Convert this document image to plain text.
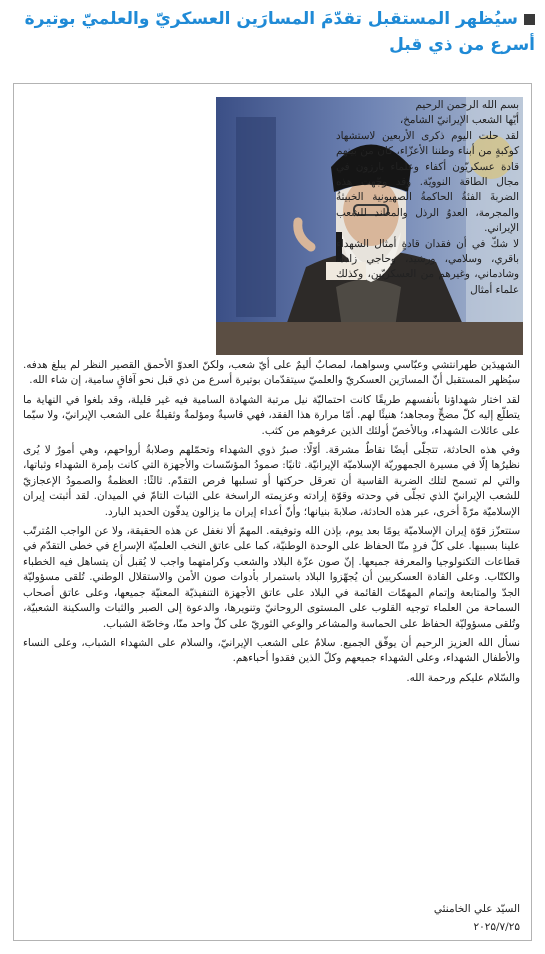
سيُظهر المستقبل تقدّمَ المسارَين العسكريّ والعلميّ بوتيرة أسرع من ذي قبل

بسم الله الرحمن الرحيم

أيّها الشعب الإيرانيّ الشامخ،

لقد حلت اليوم ذكرى الأربعين لاستشهاد كوكبةٍ من أبناء وطننا الأعزّاء، كان من بينهم قادة عسكريّون أكفاء وعلماء بارزون في مجال الطاقة النوويّة. وقد وجّهت هذه الضربةَ الفئةُ الحاكمةُ الصهيونية الخبيثةُ والمجرمة، العدوُ الرذل والمعاند للشعب الإيراني.

لا شكّ في أن فقدان قادةٍ أمثال الشهداء باقري، وسلامي، ورشيد، وحاجي زاده، وشادماني، وغيرهم من العسكريّين، وكذلك علماء أمثال

الشهيدَين طهرانتشي وعبّاسي وسواهما، لمصابٌ أليمٌ على أيّ شعب، ولكنّ العدوّ الأحمق القصير النظر لم يبلغ هدفه. سيُظهر المستقبل أنّ المسارَين العسكريّ والعلميّ سيتقدّمان بوتيرة أسرع من ذي قبل نحو آفاقٍ سامية، إن شاء الله.

لقد اختار شهداؤنا بأنفسهم طريقًا كانت احتماليّة نيل مرتبة الشهادة السامية فيه غير قليلة، وقد بلغوا في النهاية ما يتطلّع إليه كلّ مضحٍّ ومجاهد؛ هنيئًا لهم. أمّا مرارة هذا الفقد، فهي قاسيةٌ ومؤلمةٌ وثقيلةٌ على الشعب الإيرانيّ، ولا سيّما على عائلات الشهداء، وبالأخصّ أولئك الذين عرفوهم من كثب.

وفي هذه الحادثة، تتجلّى أيضًا نقاطٌ مشرقة. أوّلًا: صبرُ ذوي الشهداء وتحمّلهم وصلابةُ أرواحهم، وهي أمورٌ لا يُرى نظيرُها إلّا في مسيرة الجمهوريّة الإسلاميّة الإيرانيّة. ثانيًا: صمودُ المؤسّسات والأجهزة التي كانت بإمرة الشهداء وثباتها، والتي لم تسمح لتلك الضربة القاسية أن تعرقل حركتها أو تسلبها فرص التقدّم. ثالثًا: العظمةُ والصمودُ الإعجازيّ للشعب الإيرانيّ الذي تجلّى في وحدته وقوّة إرادته وعزيمته الراسخة على الثبات التامّ في الميدان. لقد أثبتت إيران الإسلاميّة مرّةً أخرى، عبر هذه الحادثة، صلابةَ بنيانها؛ وأنّ أعداء إيران ما يزالون يدقّون الحديد البارد.

ستتعزّز قوّة إيران الإسلاميّة يومًا بعد يوم، بإذن الله وتوفيقه. المهمّ ألا نغفل عن هذه الحقيقة، ولا عن الواجب المُترتّب علينا بسببها. على كلّ فردٍ منّا الحفاظ على الوحدة الوطنيّة، كما على عاتق النخب العلميّة الإسراع في خطى التقدّم في قطاعات التكنولوجيا والمعرفة جميعها. إنّ صون عزّة البلاد والشعب وكرامتهما واجب لا يُقبل أن يتساهل فيه الخطباء والكتّاب. وعلى القادة العسكريين أن يُجهّزوا البلاد باستمرار بأدوات صون الأمن والاستقلال الوطني. تُلقى مسؤوليّة الجدّ والمتابعة وإتمام المهمّات القائمة في البلاد على عاتق الأجهزة التنفيذيّة المعنيّة جميعها، وعلى عاتق أصحاب السماحة من العلماء توجيه القلوب على المستوى الروحانيّ وتنويرها، والدعوة إلى الصبر والثبات والسكينة الشعبيّة، وتُلقى مسؤوليّة الحفاظ على الحماسة والمشاعر والوعي الثوريّ على كلّ واحد منّا، وخاصّة الشباب.

نسأل الله العزيز الرحيم أن يوفّق الجميع. سلامٌ على الشعب الإيرانيّ، والسلام على الشهداء الشباب، وعلى النساء والأطفال الشهداء، وعلى الشهداء جميعهم وكلّ الذين فقدوا أحباءهم.

والسّلام عليكم ورحمة الله.

السيّد علي الخامنئي
۲۰۲۵/۷/۲۵
